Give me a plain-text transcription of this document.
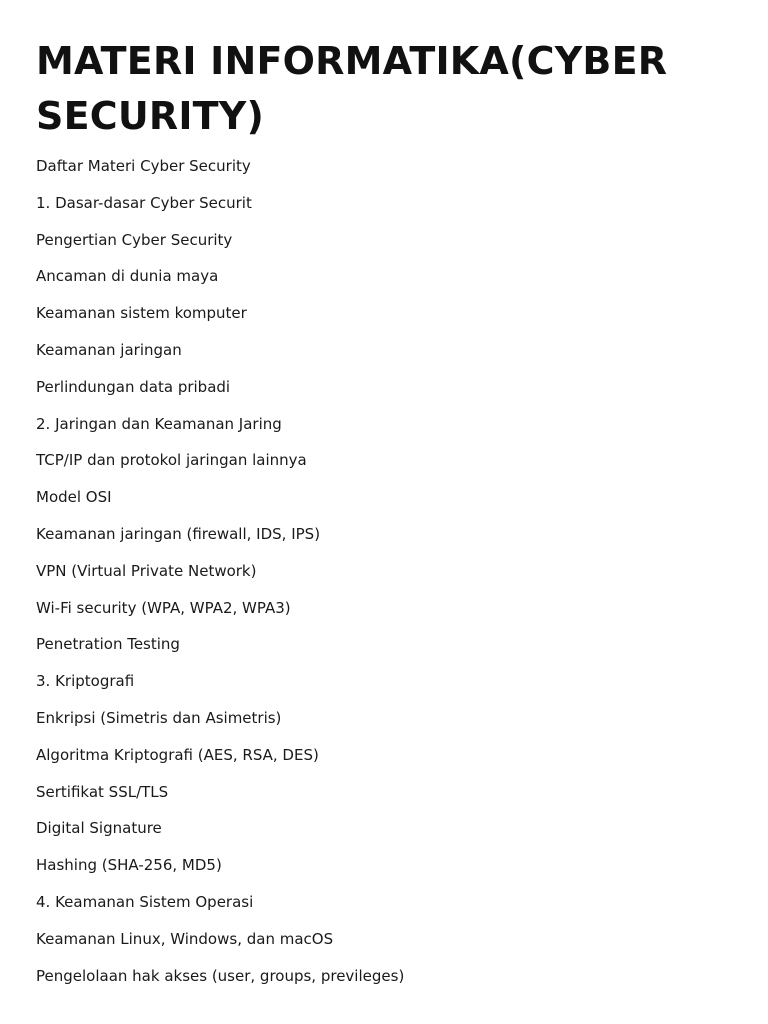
MATERI INFORMATIKA(CYBER SECURITY)
Daftar Materi Cyber Security
1. Dasar-dasar Cyber Securit
Pengertian Cyber Security
Ancaman di dunia maya
Keamanan sistem komputer
Keamanan jaringan
Perlindungan data pribadi
2. Jaringan dan Keamanan Jaring
TCP/IP dan protokol jaringan lainnya
Model OSI
Keamanan jaringan (firewall, IDS, IPS)
VPN (Virtual Private Network)
Wi-Fi security (WPA, WPA2, WPA3)
Penetration Testing
3. Kriptografi
Enkripsi (Simetris dan Asimetris)
Algoritma Kriptografi (AES, RSA, DES)
Sertifikat SSL/TLS
Digital Signature
Hashing (SHA-256, MD5)
4. Keamanan Sistem Operasi
Keamanan Linux, Windows, dan macOS
Pengelolaan hak akses (user, groups, previleges)
